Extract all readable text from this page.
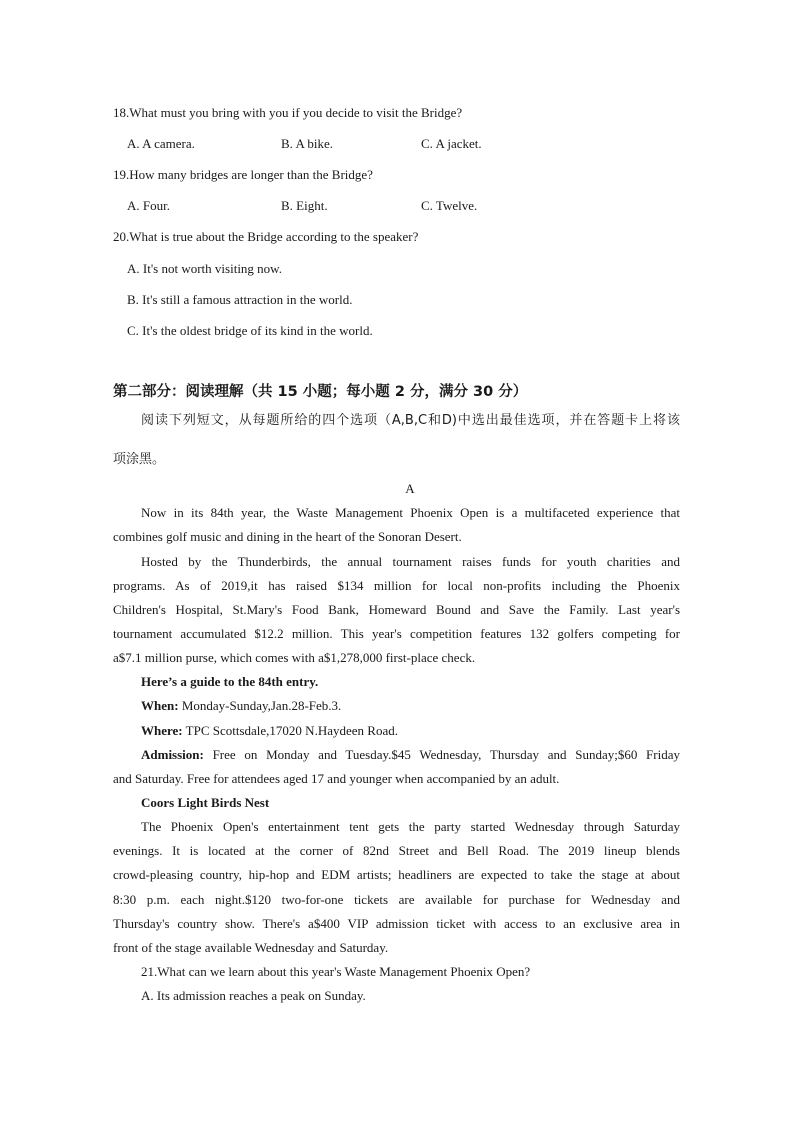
18.What must you bring with you if you decide to visit the Bridge?
A. A camera.	B. A bike.	C. A jacket.
19.How many bridges are longer than the Bridge?
A. Four.	B. Eight.	C. Twelve.
20.What is true about the Bridge according to the speaker?
A. It's not worth visiting now.
B. It's still a famous attraction in the world.
C. It's the oldest bridge of its kind in the world.
第二部分：阅读理解（共 15 小题；每小题 2 分，满分 30 分）
阅读下列短文，从每题所给的四个选项（A,B,C和D)中选出最佳选项，并在答题卡上将该
项涂黑。
A
Now in its 84th year, the Waste Management Phoenix Open is a multifaceted experience that
combines golf music and dining in the heart of the Sonoran Desert.
Hosted by the Thunderbirds, the annual tournament raises funds for youth charities and
programs. As of 2019,it has raised $134 million for local non-profits including the Phoenix
Children's Hospital, St.Mary's Food Bank, Homeward Bound and Save the Family. Last year's
tournament accumulated $12.2 million. This year's competition features 132 golfers competing for
a$7.1 million purse, which comes with a$1,278,000 first-place check.
Here’s a guide to the 84th entry.
When: Monday-Sunday,Jan.28-Feb.3.
Where: TPC Scottsdale,17020 N.Haydeen Road.
Admission: Free on Monday and Tuesday.$45 Wednesday, Thursday and Sunday;$60 Friday
and Saturday. Free for attendees aged 17 and younger when accompanied by an adult.
Coors Light Birds Nest
The Phoenix Open's entertainment tent gets the party started Wednesday through Saturday
evenings. It is located at the corner of 82nd Street and Bell Road. The 2019 lineup blends
crowd-pleasing country, hip-hop and EDM artists; headliners are expected to take the stage at about
8:30 p.m. each night.$120 two-for-one tickets are available for purchase for Wednesday and
Thursday's country show. There's a$400 VIP admission ticket with access to an exclusive area in
front of the stage available Wednesday and Saturday.
21.What can we learn about this year's Waste Management Phoenix Open?
A. Its admission reaches a peak on Sunday.
